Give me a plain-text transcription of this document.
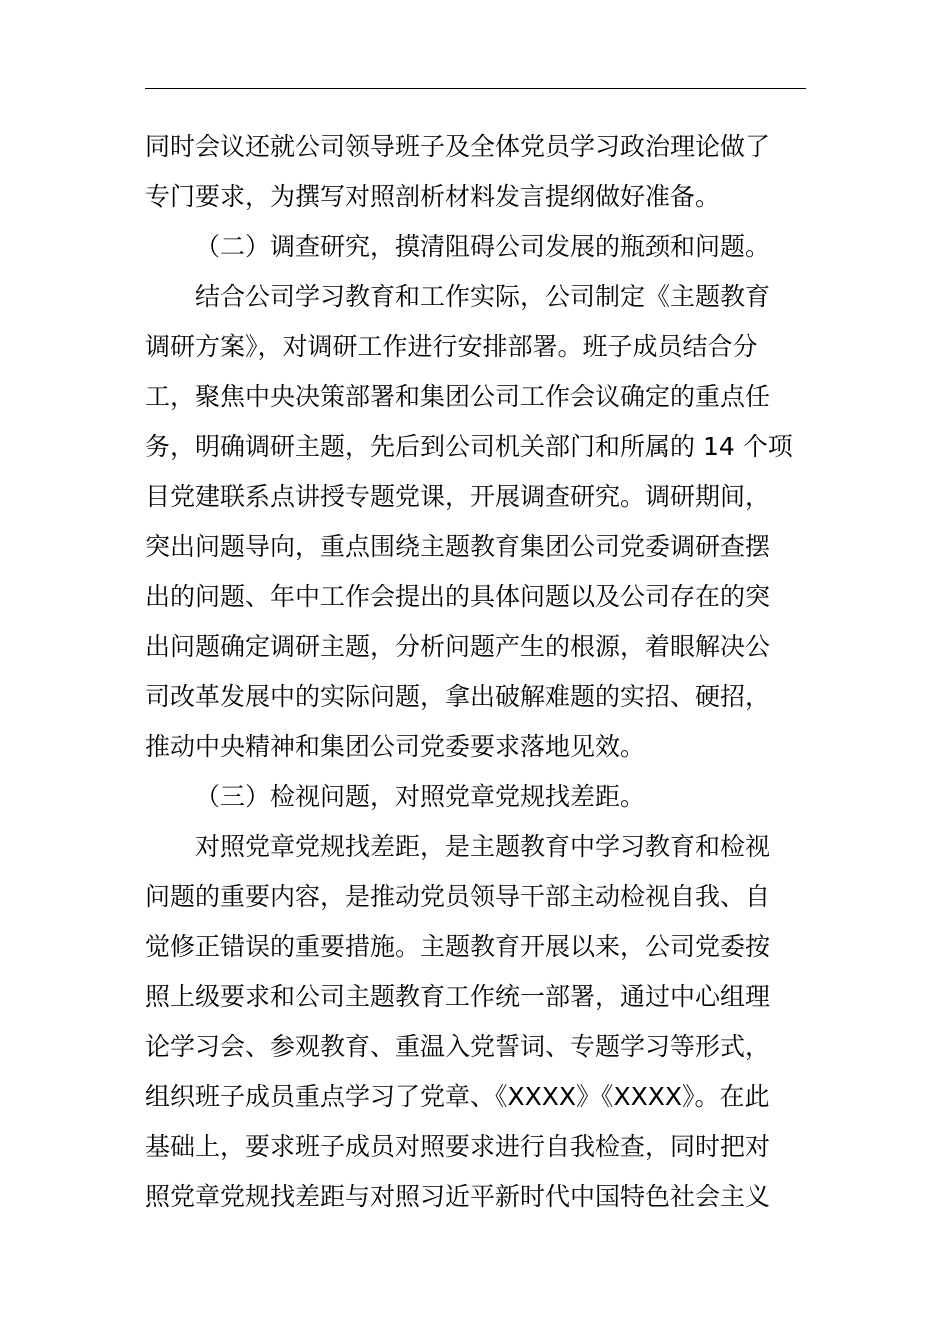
同时会议还就公司领导班子及全体党员学习政治理论做了
专门要求，为撰写对照剖析材料发言提纲做好准备。
（二）调查研究，摸清阻碍公司发展的瓶颈和问题。
结合公司学习教育和工作实际，公司制定《主题教育
调研方案》，对调研工作进行安排部署。班子成员结合分
工，聚焦中央决策部署和集团公司工作会议确定的重点任
务，明确调研主题，先后到公司机关部门和所属的 14 个项
目党建联系点讲授专题党课，开展调查研究。调研期间，
突出问题导向，重点围绕主题教育集团公司党委调研查摆
出的问题、年中工作会提出的具体问题以及公司存在的突
出问题确定调研主题，分析问题产生的根源，着眼解决公
司改革发展中的实际问题，拿出破解难题的实招、硬招，
推动中央精神和集团公司党委要求落地见效。
（三）检视问题，对照党章党规找差距。
对照党章党规找差距，是主题教育中学习教育和检视
问题的重要内容，是推动党员领导干部主动检视自我、自
觉修正错误的重要措施。主题教育开展以来，公司党委按
照上级要求和公司主题教育工作统一部署，通过中心组理
论学习会、参观教育、重温入党誓词、专题学习等形式，
组织班子成员重点学习了党章、《XXXX》《XXXX》。在此
基础上，要求班子成员对照要求进行自我检查，同时把对
照党章党规找差距与对照习近平新时代中国特色社会主义
